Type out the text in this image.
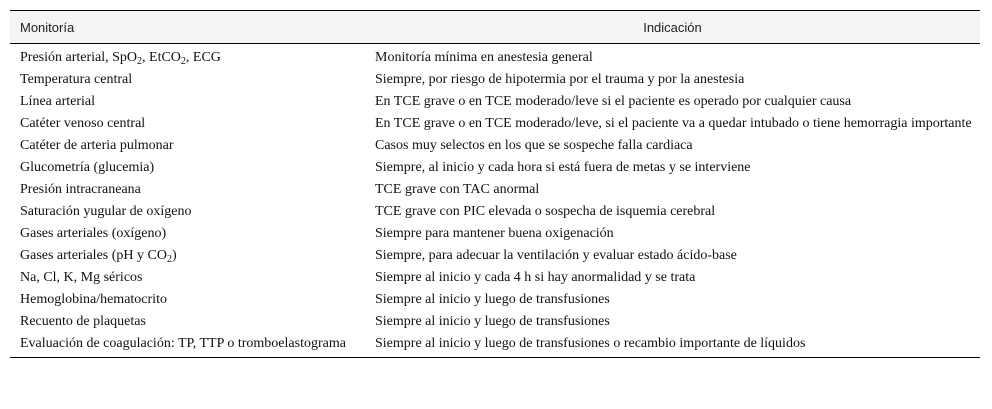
Monitoría	Indicación
Presión arterial, SpO$_2$, EtCO$_2$, ECG	Monitoría mínima en anestesia general
Temperatura central	Siempre, por riesgo de hipotermia por el trauma y por la anestesia
Línea arterial	En TCE grave o en TCE moderado/leve si el paciente es operado por cualquier causa
Catéter venoso central	En TCE grave o en TCE moderado/leve, si el paciente va a quedar intubado o tiene hemorragia importante
Catéter de arteria pulmonar	Casos muy selectos en los que se sospeche falla cardiaca
Glucometría (glucemia)	Siempre, al inicio y cada hora si está fuera de metas y se interviene
Presión intracraneana	TCE grave con TAC anormal
Saturación yugular de oxígeno	TCE grave con PIC elevada o sospecha de isquemia cerebral
Gases arteriales (oxígeno)	Siempre para mantener buena oxigenación
Gases arteriales (pH y $CO_2$)	Siempre, para adecuar la ventilación y evaluar estado ácido-base
Na, Cl, K, Mg séricos	Siempre al inicio y cada 4 h si hay anormalidad y se trata
Hemoglobina/hematocrito	Siempre al inicio y luego de transfusiones
Recuento de plaquetas	Siempre al inicio y luego de transfusiones
Evaluación de coagulación: TP, TTP o tromboelastograma	Siempre al inicio y luego de transfusiones o recambio importante de líquidos
